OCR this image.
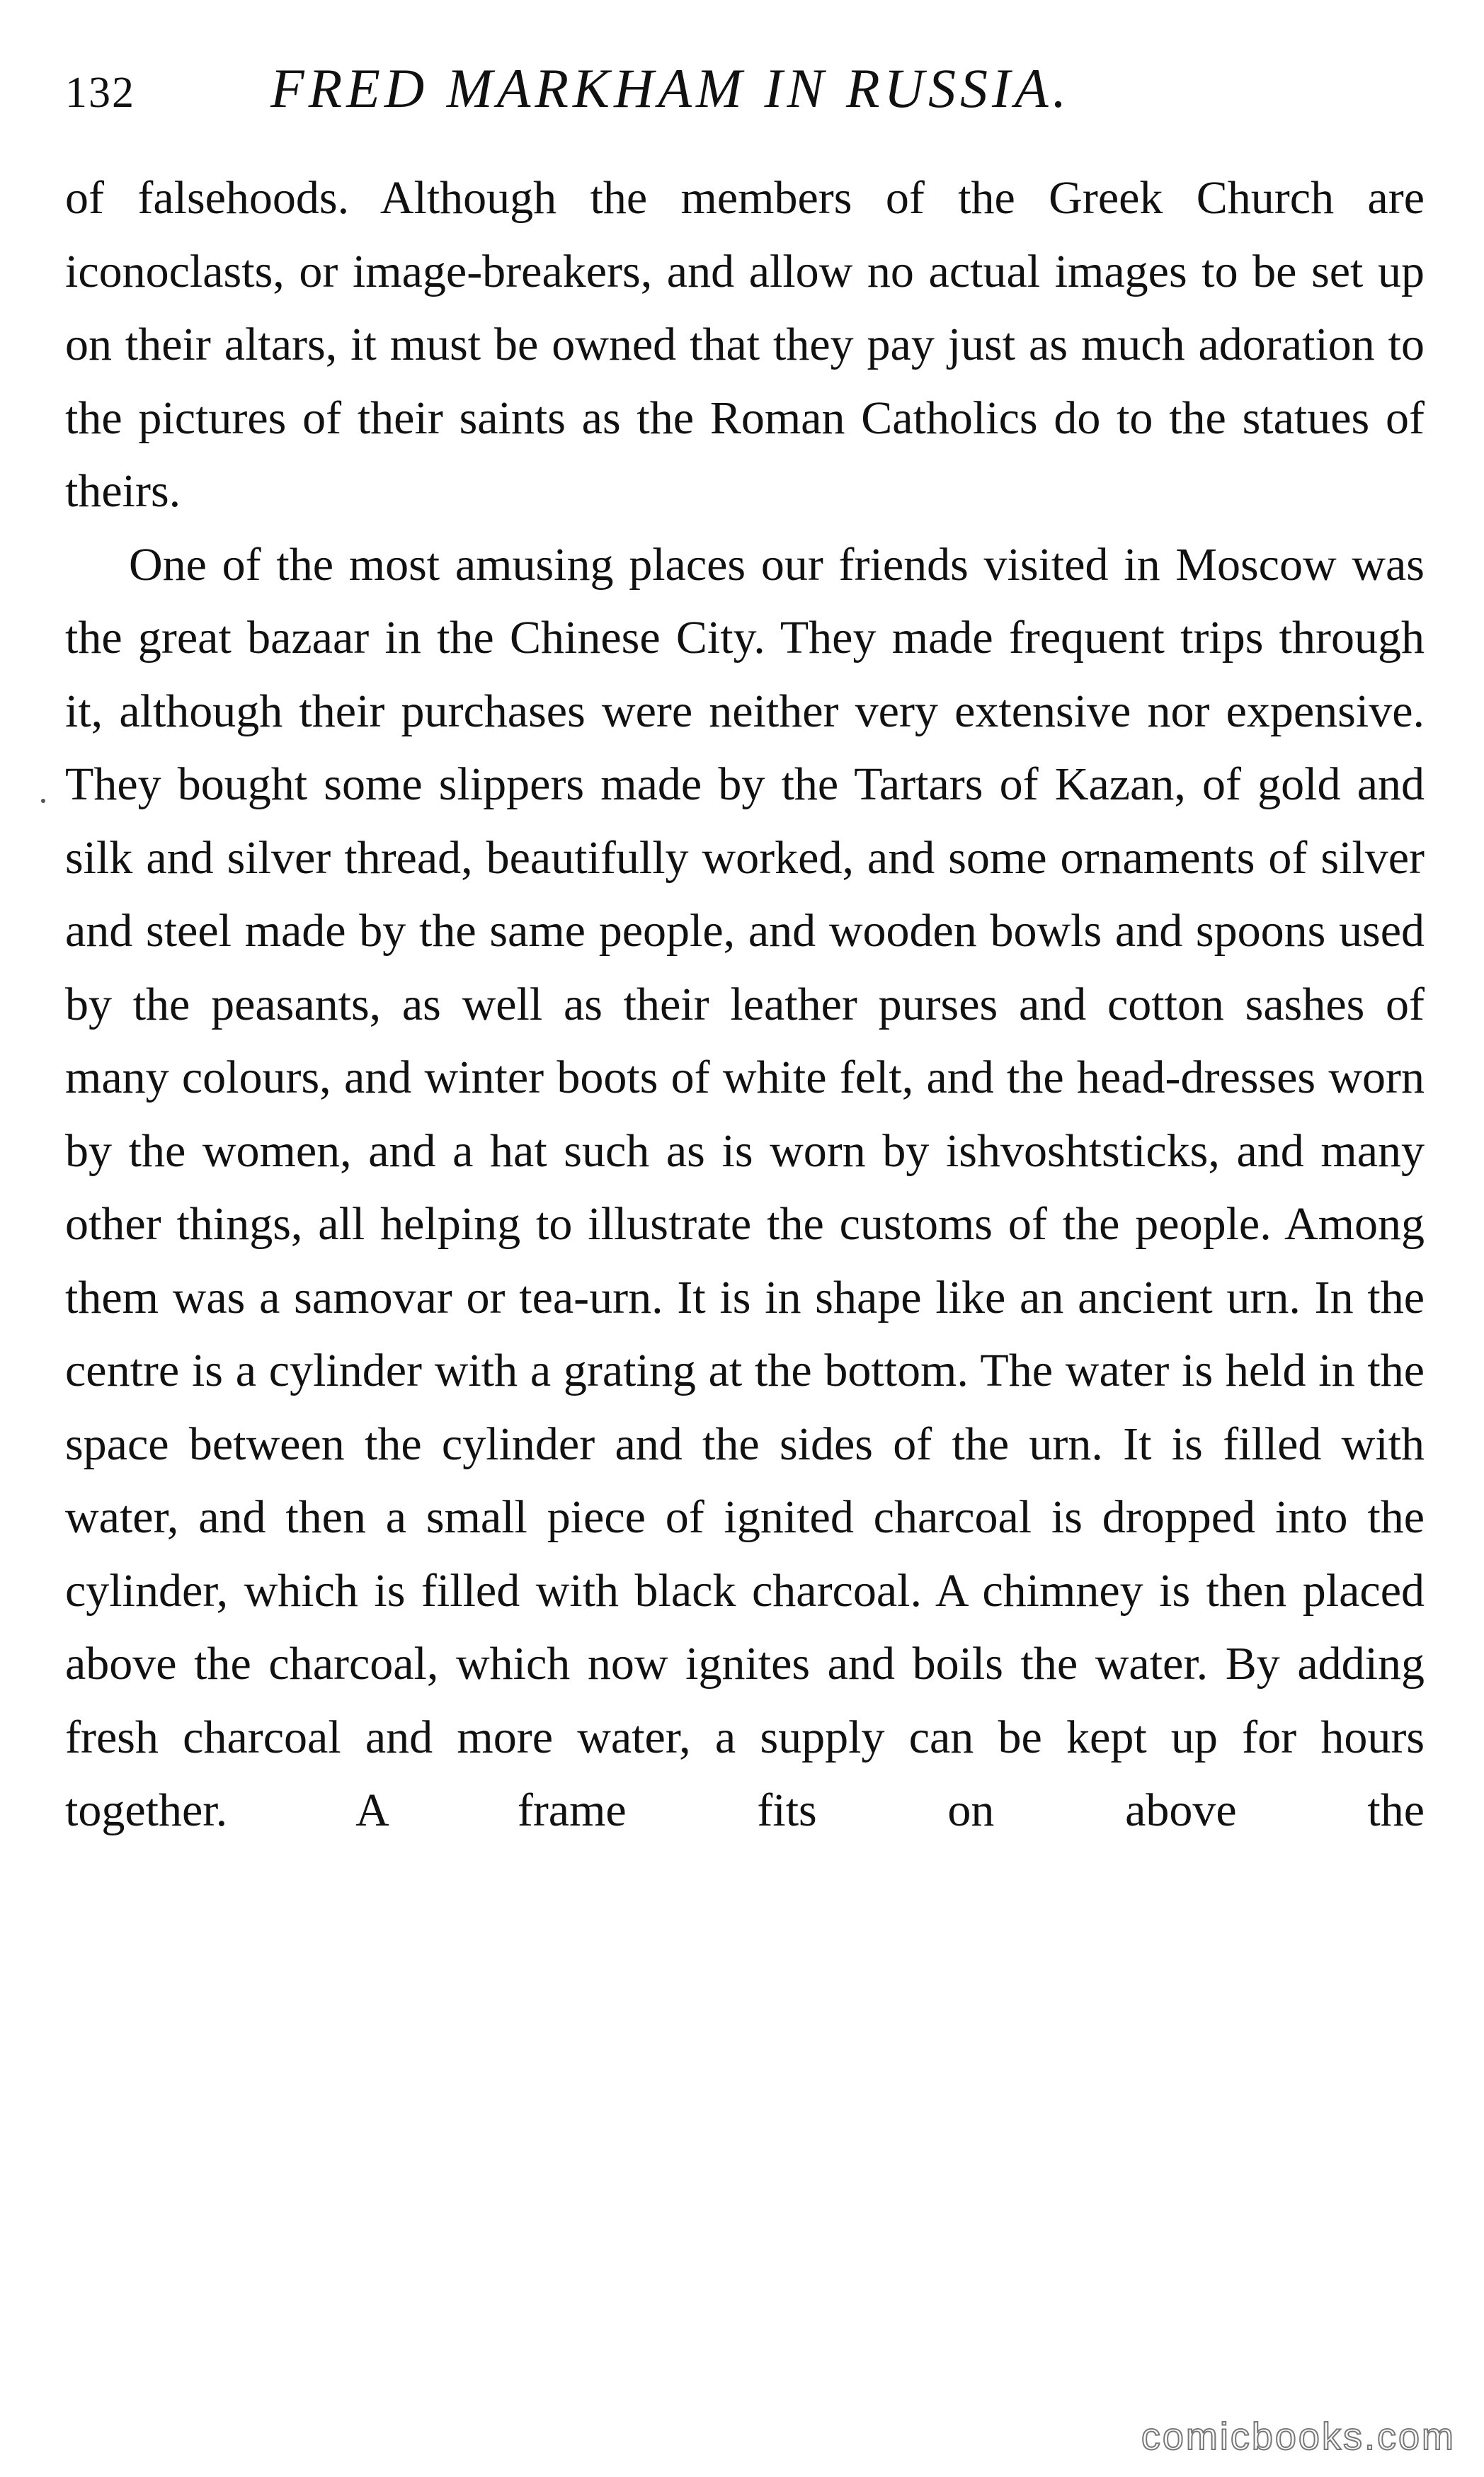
132	FRED MARKHAM IN RUSSIA.

of falsehoods. Although the members of the Greek Church are iconoclasts, or image-breakers, and allow no actual images to be set up on their altars, it must be owned that they pay just as much adoration to the pictures of their saints as the Roman Catholics do to the statues of theirs.

One of the most amusing places our friends visited in Moscow was the great bazaar in the Chinese City. They made frequent trips through it, although their purchases were neither very extensive nor expensive. They bought some slippers made by the Tartars of Kazan, of gold and silk and silver thread, beautifully worked, and some ornaments of silver and steel made by the same people, and wooden bowls and spoons used by the peasants, as well as their leather purses and cotton sashes of many colours, and winter boots of white felt, and the head-dresses worn by the women, and a hat such as is worn by ishvoshtsticks, and many other things, all helping to illustrate the customs of the people. Among them was a samovar or tea-urn. It is in shape like an ancient urn. In the centre is a cylinder with a grating at the bottom. The water is held in the space between the cylinder and the sides of the urn. It is filled with water, and then a small piece of ignited charcoal is dropped into the cylinder, which is filled with black charcoal. A chimney is then placed above the charcoal, which now ignites and boils the water. By adding fresh charcoal and more water, a supply can be kept up for hours together. A frame fits on above the

comicbooks.com
